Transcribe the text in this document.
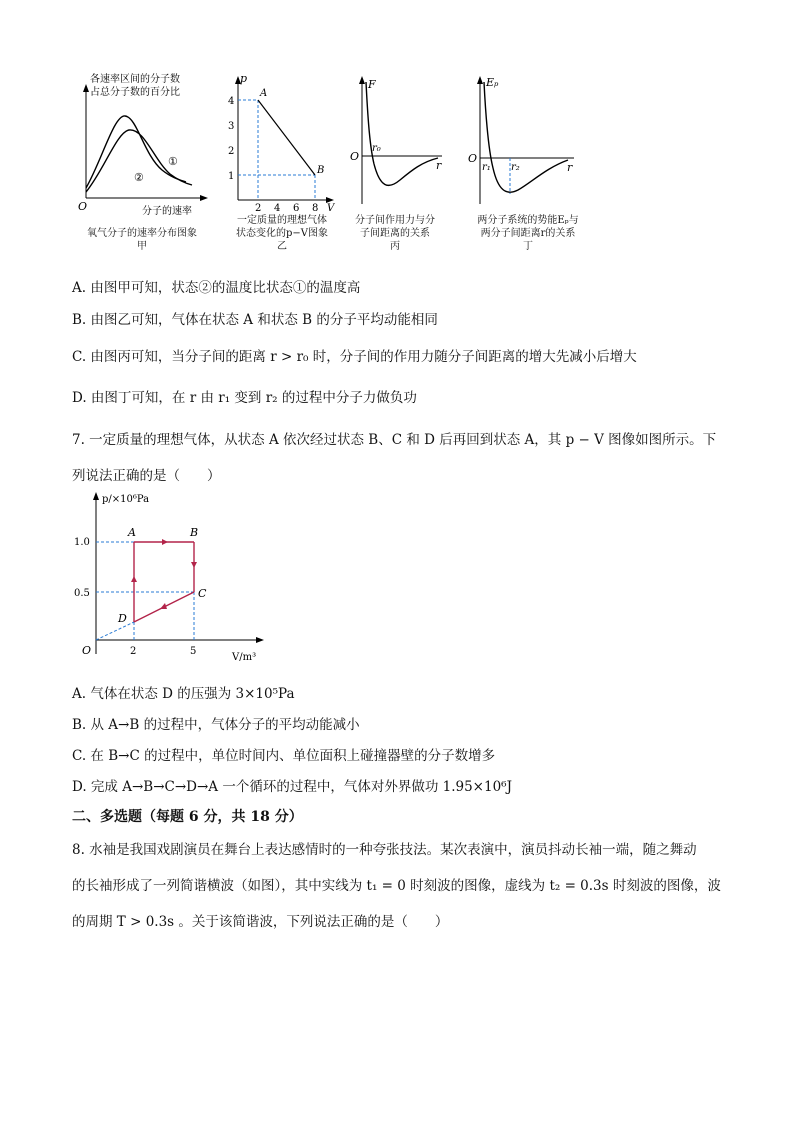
各速率区间的分子数
占总分子数的百分比
①
②
O	分子的速率
氧气分子的速率分布图象
甲
p
4
3
2
1
2 4 6 8 V
A
B
一定质量的理想气体
状态变化的p−V图象
乙
F
O
r₀
r
分子间作用力与分
子间距离的关系
丙
Eₚ
O
r₁ r₂	r
两分子系统的势能Eₚ与
两分子间距离r的关系
丁
A. 由图甲可知，状态②的温度比状态①的温度高
B. 由图乙可知，气体在状态 A 和状态 B 的分子平均动能相同
C. 由图丙可知，当分子间的距离 r > r₀ 时，分子间的作用力随分子间距离的增大先减小后增大
D. 由图丁可知，在 r 由 r₁ 变到 r₂ 的过程中分子力做负功
7. 一定质量的理想气体，从状态 A 依次经过状态 B、C 和 D 后再回到状态 A，其 p − V 图像如图所示。下
列说法正确的是（　　）
p/×10⁶Pa
V/m³
O
1.0
0.5
2	5
A	B
C
D
A. 气体在状态 D 的压强为 3×10⁵Pa
B. 从 A→B 的过程中，气体分子的平均动能减小
C. 在 B→C 的过程中，单位时间内、单位面积上碰撞器壁的分子数增多
D. 完成 A→B→C→D→A 一个循环的过程中，气体对外界做功 1.95×10⁶J
二、多选题（每题 6 分，共 18 分）
8. 水袖是我国戏剧演员在舞台上表达感情时的一种夸张技法。某次表演中，演员抖动长袖一端，随之舞动
的长袖形成了一列简谐横波（如图），其中实线为 t₁ = 0 时刻波的图像，虚线为 t₂ = 0.3s 时刻波的图像，波
的周期 T > 0.3s 。关于该简谐波，下列说法正确的是（　　）
